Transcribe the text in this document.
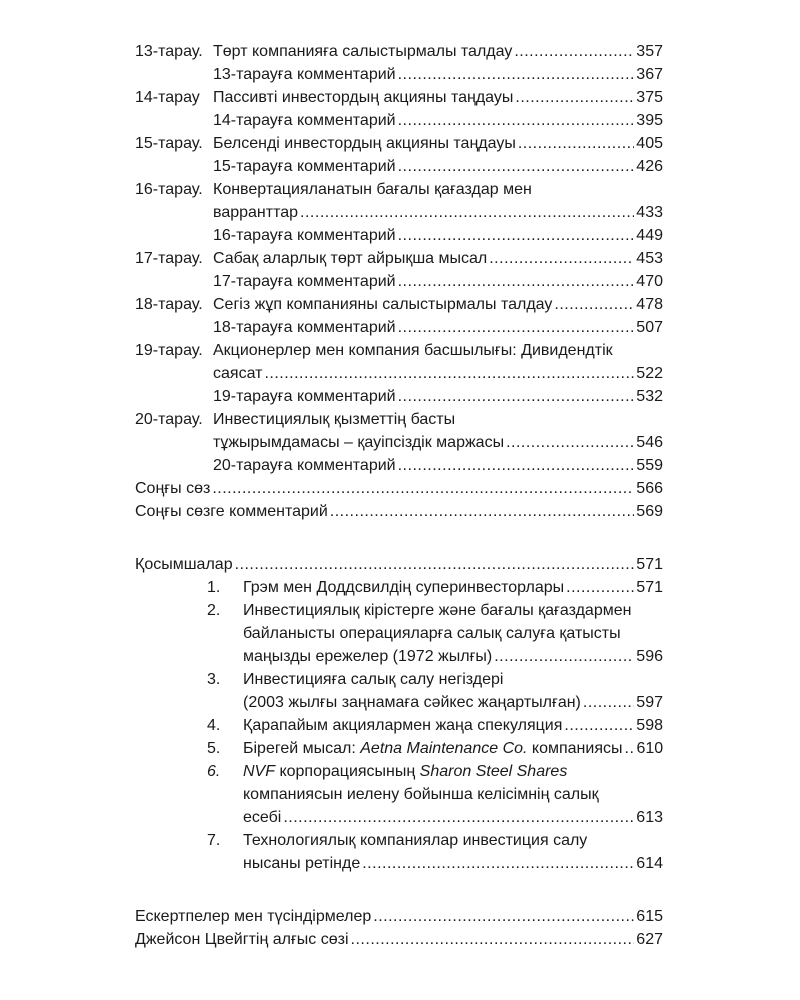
13-тарау. Төрт компанияға салыстырмалы талдау .....	357
13-тарауға комментарий .....	367
14-тарау Пассивті инвестордың акцияны таңдауы .....	375
14-тарауға комментарий .....	395
15-тарау. Белсенді инвестордың акцияны таңдауы .....	405
15-тарауға комментарий .....	426
16-тарау. Конвертацияланатын бағалы қағаздар мен
варранттар .....	433
16-тарауға комментарий .....	449
17-тарау. Сабақ аларлық төрт айрықша мысал .....	453
17-тарауға комментарий .....	470
18-тарау. Сегіз жұп компанияны салыстырмалы талдау .....	478
18-тарауға комментарий .....	507
19-тарау. Акционерлер мен компания басшылығы: Дивидендтік
саясат .....	522
19-тарауға комментарий .....	532
20-тарау. Инвестициялық қызметтің басты
тұжырымдамасы – қауіпсіздік маржасы .....	546
20-тарауға комментарий .....	559
Соңғы сөз .....	566
Соңғы сөзге комментарий .....	569
Қосымшалар .....	571
1.	Грэм мен Доддсвилдің суперинвесторлары .....	571
2.	Инвестициялық кірістерге және бағалы қағаздармен
байланысты операцияларға салық салуға қатысты
маңызды ережелер (1972 жылғы) .....	596
3.	Инвестицияға салық салу негіздері
(2003 жылғы заңнамаға сәйкес жаңартылған) .....	597
4.	Қарапайым акциялармен жаңа спекуляция .....	598
5.	Бірегей мысал: Aetna Maintenance Co. компаниясы ..... 610
6.	NVF корпорациясының Sharon Steel Shares
компаниясын иелену бойынша келісімнің салық
есебі .....	613
7.	Технологиялық компаниялар инвестиция салу
нысаны ретінде .....	614
Ескертпелер мен түсіндірмелер .....	615
Джейсон Цвейгтің алғыс сөзі .....	627
